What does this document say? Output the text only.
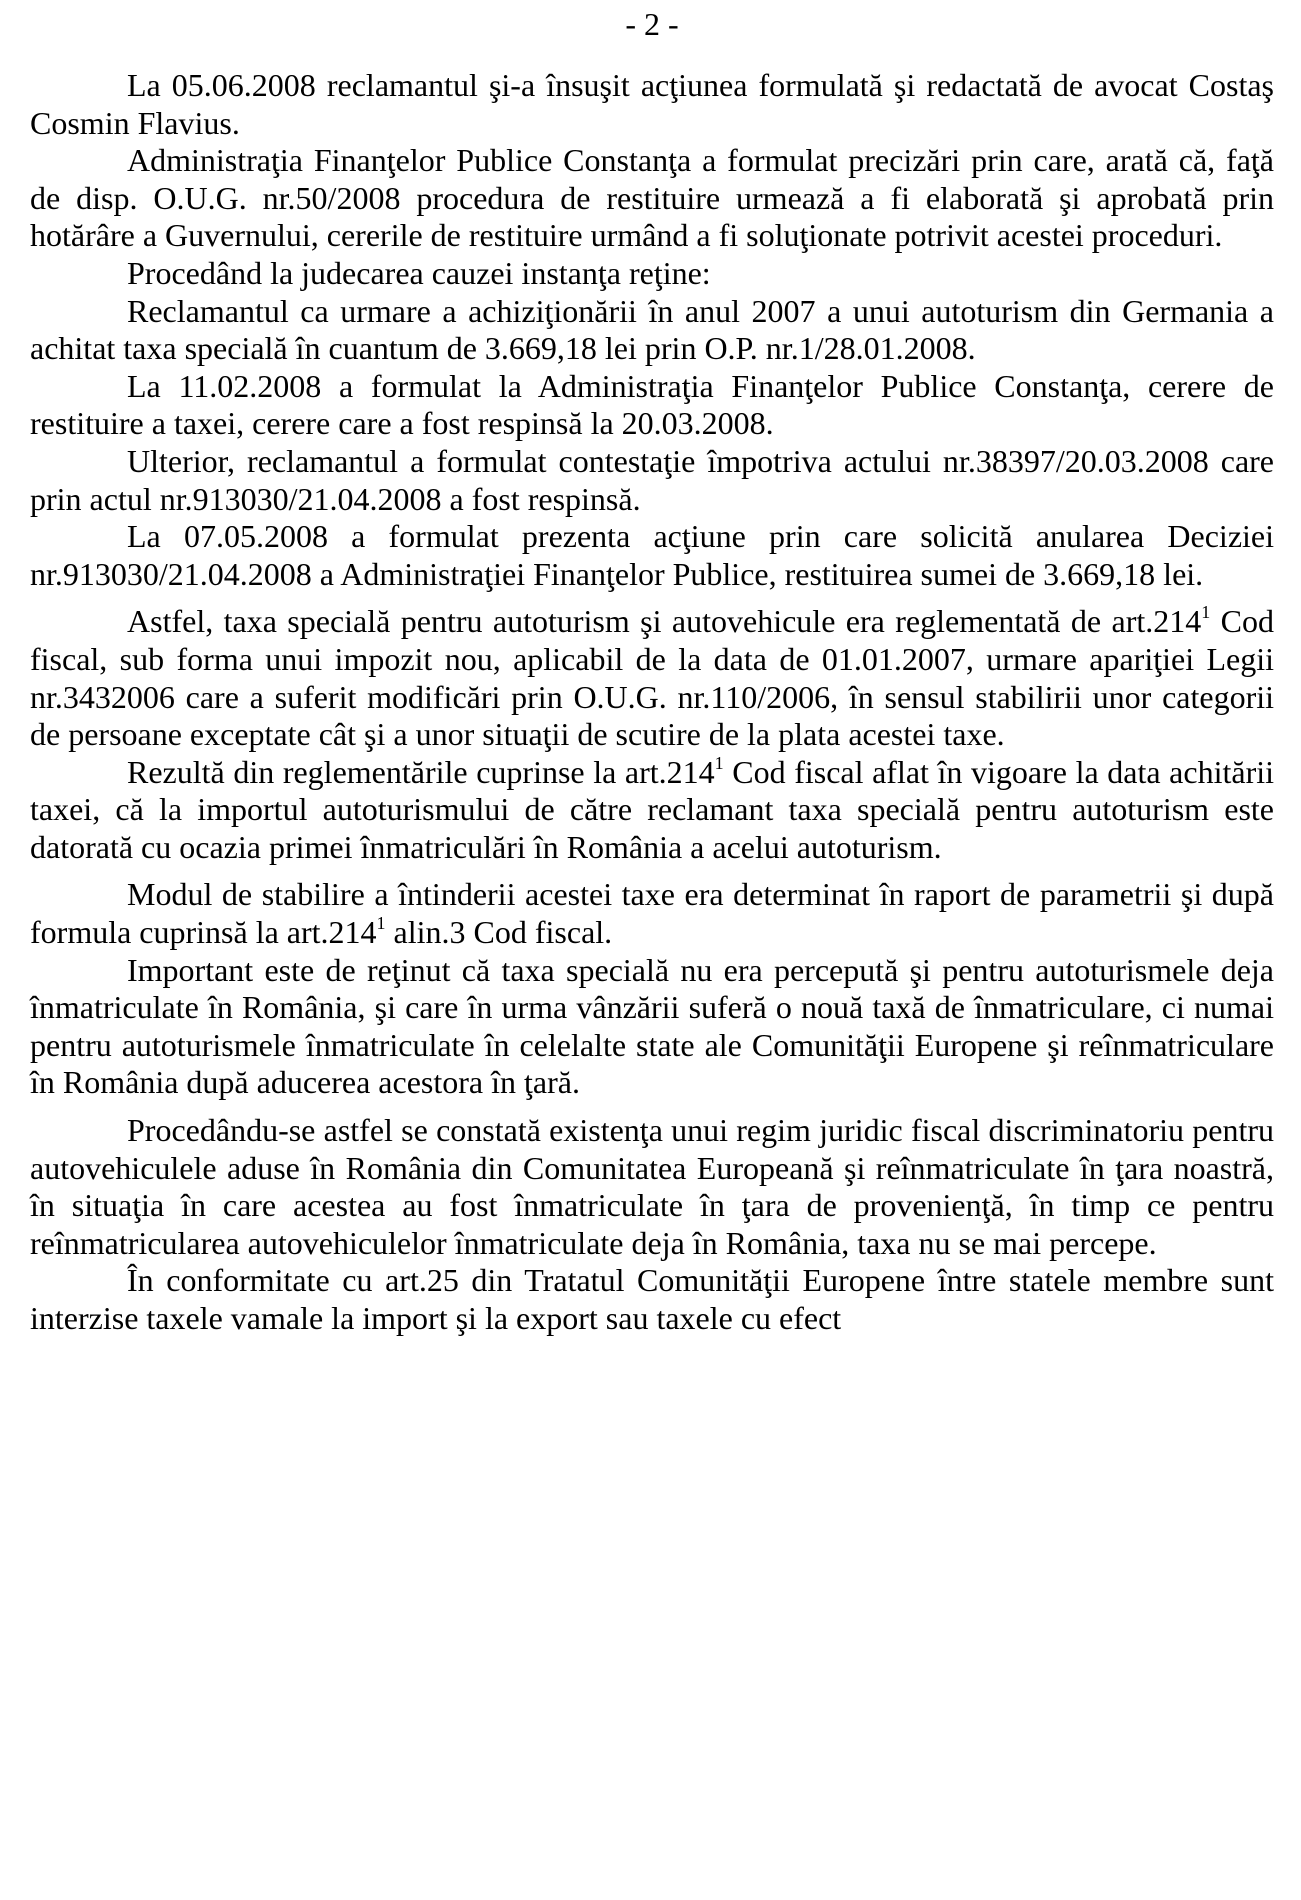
- 2 -

La 05.06.2008 reclamantul şi-a însuşit acţiunea formulată şi redactată de avocat Costaş Cosmin Flavius.

Administraţia Finanţelor Publice Constanţa a formulat precizări prin care, arată că, faţă de disp. O.U.G. nr.50/2008 procedura de restituire urmează a fi elaborată şi aprobată prin hotărâre a Guvernului, cererile de restituire urmând a fi soluţionate potrivit acestei proceduri.

Procedând la judecarea cauzei instanţa reţine:

Reclamantul ca urmare a achiziţionării în anul 2007 a unui autoturism din Germania a achitat taxa specială în cuantum de 3.669,18 lei prin O.P. nr.1/28.01.2008.

La 11.02.2008 a formulat la Administraţia Finanţelor Publice Constanţa, cerere de restituire a taxei, cerere care a fost respinsă la 20.03.2008.

Ulterior, reclamantul a formulat contestaţie împotriva actului nr.38397/20.03.2008 care prin actul nr.913030/21.04.2008 a fost respinsă.

La 07.05.2008 a formulat prezenta acţiune prin care solicită anularea Deciziei nr.913030/21.04.2008 a Administraţiei Finanţelor Publice, restituirea sumei de 3.669,18 lei.

Astfel, taxa specială pentru autoturism şi autovehicule era reglementată de art.214$^1$ Cod fiscal, sub forma unui impozit nou, aplicabil de la data de 01.01.2007, urmare apariţiei Legii nr.3432006 care a suferit modificări prin O.U.G. nr.110/2006, în sensul stabilirii unor categorii de persoane exceptate cât şi a unor situaţii de scutire de la plata acestei taxe.

Rezultă din reglementările cuprinse la art.214$^1$ Cod fiscal aflat în vigoare la data achitării taxei, că la importul autoturismului de către reclamant taxa specială pentru autoturism este datorată cu ocazia primei înmatriculări în România a acelui autoturism.

Modul de stabilire a întinderii acestei taxe era determinat în raport de parametrii şi după formula cuprinsă la art.214$^1$ alin.3 Cod fiscal.

Important este de reţinut că taxa specială nu era percepută şi pentru autoturismele deja înmatriculate în România, şi care în urma vânzării suferă o nouă taxă de înmatriculare, ci numai pentru autoturismele înmatriculate în celelalte state ale Comunităţii Europene şi reînmatriculare în România după aducerea acestora în ţară.

Procedându-se astfel se constată existenţa unui regim juridic fiscal discriminatoriu pentru autovehiculele aduse în România din Comunitatea Europeană şi reînmatriculate în ţara noastră, în situaţia în care acestea au fost înmatriculate în ţara de provenienţă, în timp ce pentru reînmatricularea autovehiculelor înmatriculate deja în România, taxa nu se mai percepe.

În conformitate cu art.25 din Tratatul Comunităţii Europene între statele membre sunt interzise taxele vamale la import şi la export sau taxele cu efect
